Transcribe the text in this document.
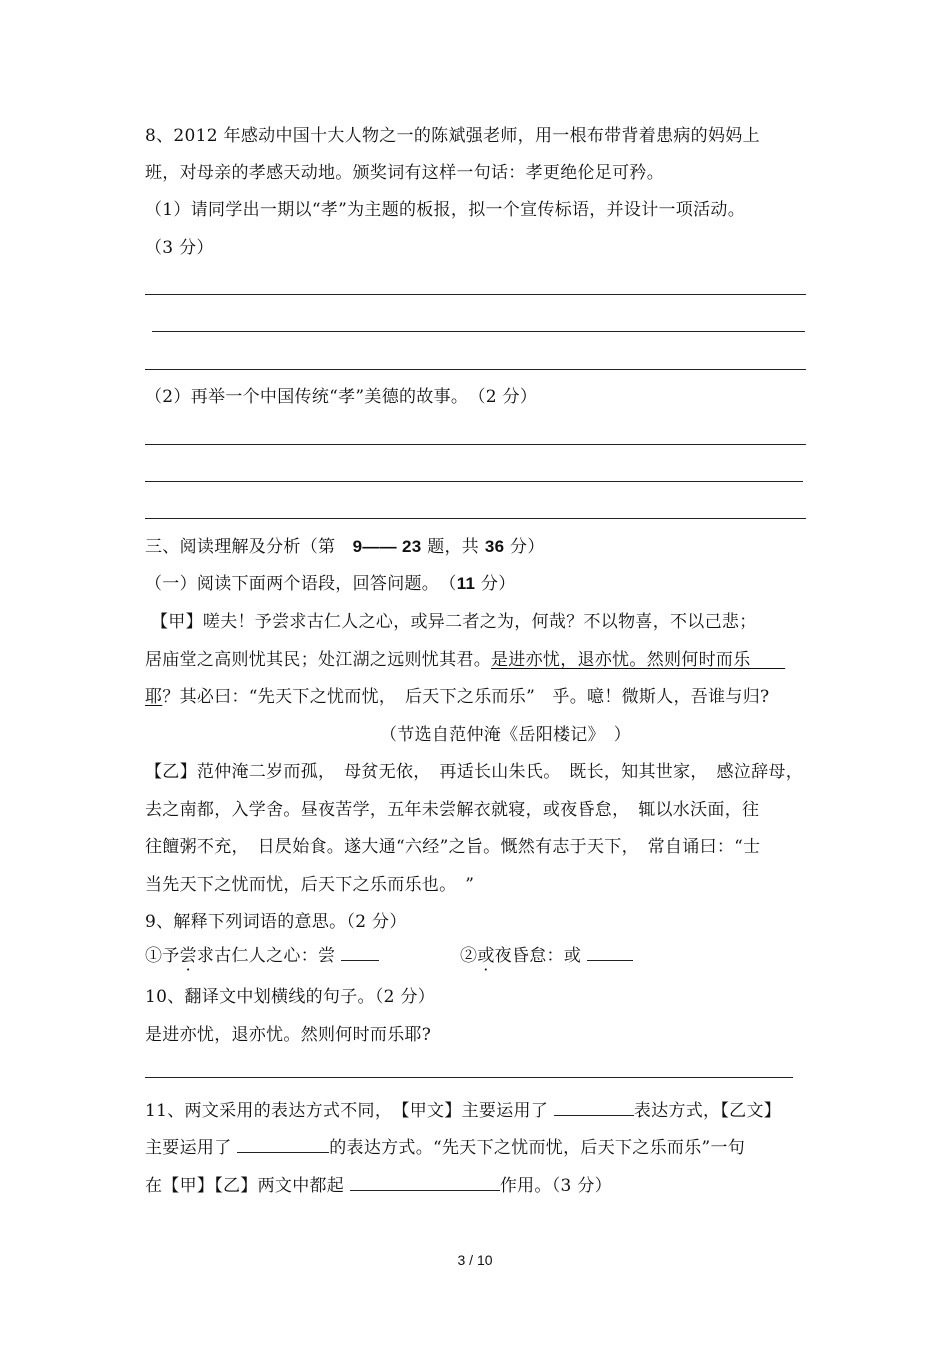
8、2012 年感动中国十大人物之一的陈斌强老师，用一根布带背着患病的妈妈上
班，对母亲的孝感天动地。颁奖词有这样一句话：孝更绝伦足可矜。
（1）请同学出一期以“孝”为主题的板报，拟一个宣传标语，并设计一项活动。
（3 分）
（2）再举一个中国传统“孝”美德的故事。　（2 分）
三、阅读理解及分析（第　9—— 23 题，共 36 分）
（一）阅读下面两个语段，回答问题。　（11 分）
【甲】嗟夫！予尝求古仁人之心，或异二者之为，何哉？不以物喜，不以己悲；
居庙堂之高则忧其民；处江湖之远则忧其君。是进亦忧，退亦忧。然则何时而乐　　
耶？其必曰：“先天下之忧而忧，　后天下之乐而乐”　乎。噫！微斯人，吾谁与归?
（节选自范仲淹《岳阳楼记》　）
【乙】范仲淹二岁而孤，　母贫无依，　再适长山朱氏。　既长，知其世家，　感泣辞母，
去之南都，入学舍。昼夜苦学，五年未尝解衣就寝，或夜昏怠，　辄以水沃面，往
往饘粥不充，　日昃始食。遂大通“六经”之旨。慨然有志于天下，　常自诵曰：“士
当先天下之忧而忧，后天下之乐而乐也。　”
9、解释下列词语的意思。（2 分）
①予尝求古仁人之心：尝	②或夜昏怠：或
10、翻译文中划横线的句子。（2 分）
是进亦忧，退亦忧。然则何时而乐耶?
11、两文采用的表达方式不同，　【甲文】主要运用了	表达方式，【乙文】
主要运用了	的表达方式。“先天下之忧而忧，后天下之乐而乐”一句
在【甲】【乙】两文中都起	作用。（3 分）
3 / 10
